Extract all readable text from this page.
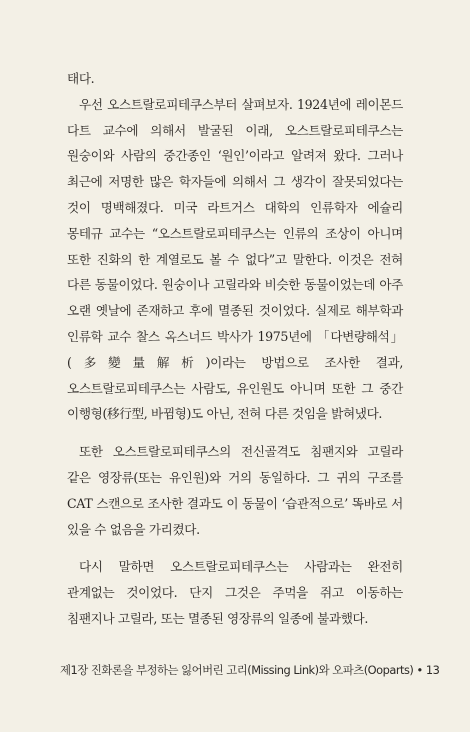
태다.

우선 오스트랄로피테쿠스부터 살펴보자. 1924년에 레이몬드 다트 교수에 의해서 발굴된 이래, 오스트랄로피테쿠스는 원숭이와 사람의 중간종인 ‘원인’이라고 알려져 왔다. 그러나 최근에 저명한 많은 학자들에 의해서 그 생각이 잘못되었다는 것이 명백해졌다. 미국 라트거스 대학의 인류학자 에슐리 몽테규 교수는 “오스트랄로피테쿠스는 인류의 조상이 아니며 또한 진화의 한 계열로도 볼 수 없다”고 말한다. 이것은 전혀 다른 동물이었다. 원숭이나 고릴라와 비슷한 동물이었는데 아주 오랜 옛날에 존재하고 후에 멸종된 것이었다. 실제로 해부학과 인류학 교수 찰스 옥스너드 박사가 1975년에 「다변량해석」(多變量解析)이라는 방법으로 조사한 결과, 오스트랄로피테쿠스는 사람도, 유인원도 아니며 또한 그 중간 이행형(移行型, 바뀜형)도 아닌, 전혀 다른 것임을 밝혀냈다.

또한 오스트랄로피테쿠스의 전신골격도 침팬지와 고릴라 같은 영장류(또는 유인원)와 거의 동일하다. 그 귀의 구조를 CAT 스캔으로 조사한 결과도 이 동물이 ‘습관적으로’ 똑바로 서 있을 수 없음을 가리켰다.

다시 말하면 오스트랄로피테쿠스는 사람과는 완전히 관계없는 것이었다. 단지 그것은 주먹을 쥐고 이동하는 침팬지나 고릴라, 또는 멸종된 영장류의 일종에 불과했다.

제1장 진화론을 부정하는 잃어버린 고리(Missing Link)와 오파츠(Ooparts) • 13
